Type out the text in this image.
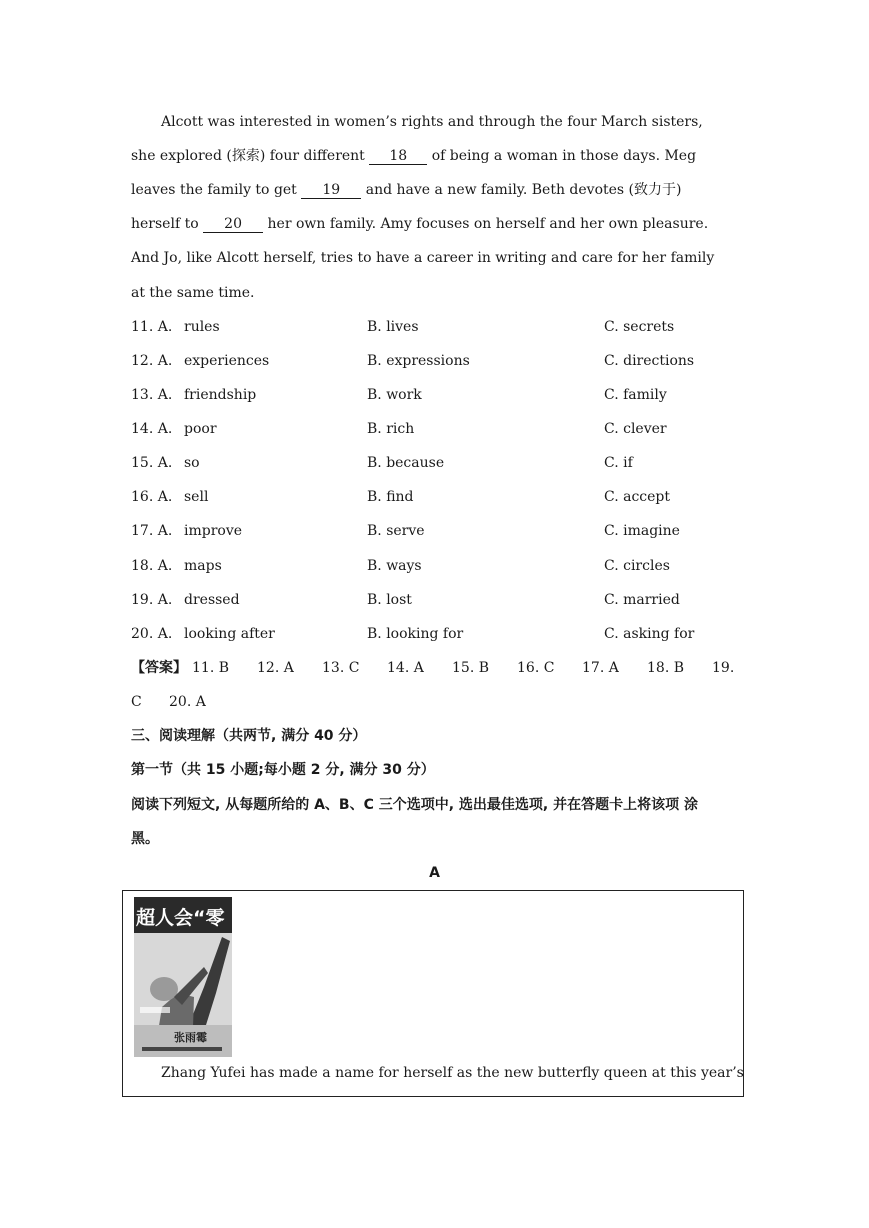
Alcott was interested in women’s rights and through the four March sisters,
she explored (探索) four different 18 of being a woman in those days. Meg
leaves the family to get 19 and have a new family. Beth devotes (致力于)
herself to 20 her own family. Amy focuses on herself and her own pleasure.
And Jo, like Alcott herself, tries to have a career in writing and care for her family
at the same time.
11. A. rules	B. lives	C. secrets
12. A. experiences	B. expressions	C. directions
13. A. friendship	B. work	C. family
14. A. poor	B. rich	C. clever
15. A. so	B. because	C. if
16. A. sell	B. find	C. accept
17. A. improve	B. serve	C. imagine
18. A. maps	B. ways	C. circles
19. A. dressed	B. lost	C. married
20. A. looking after	B. looking for	C. asking for
【答案】 11. B 12. A 13. C 14. A 15. B 16. C 17. A 18. B 19.
C 20. A
三、阅读理解（共两节, 满分 40 分）
第一节（共 15 小题;每小题 2 分, 满分 30 分）
阅读下列短文, 从每题所给的 A、B、C 三个选项中, 选出最佳选项, 并在答题卡上将该项 涂
黑。
A
超人会“零
张雨霉
Zhang Yufei has made a name for herself as the new butterfly queen at this year’s
